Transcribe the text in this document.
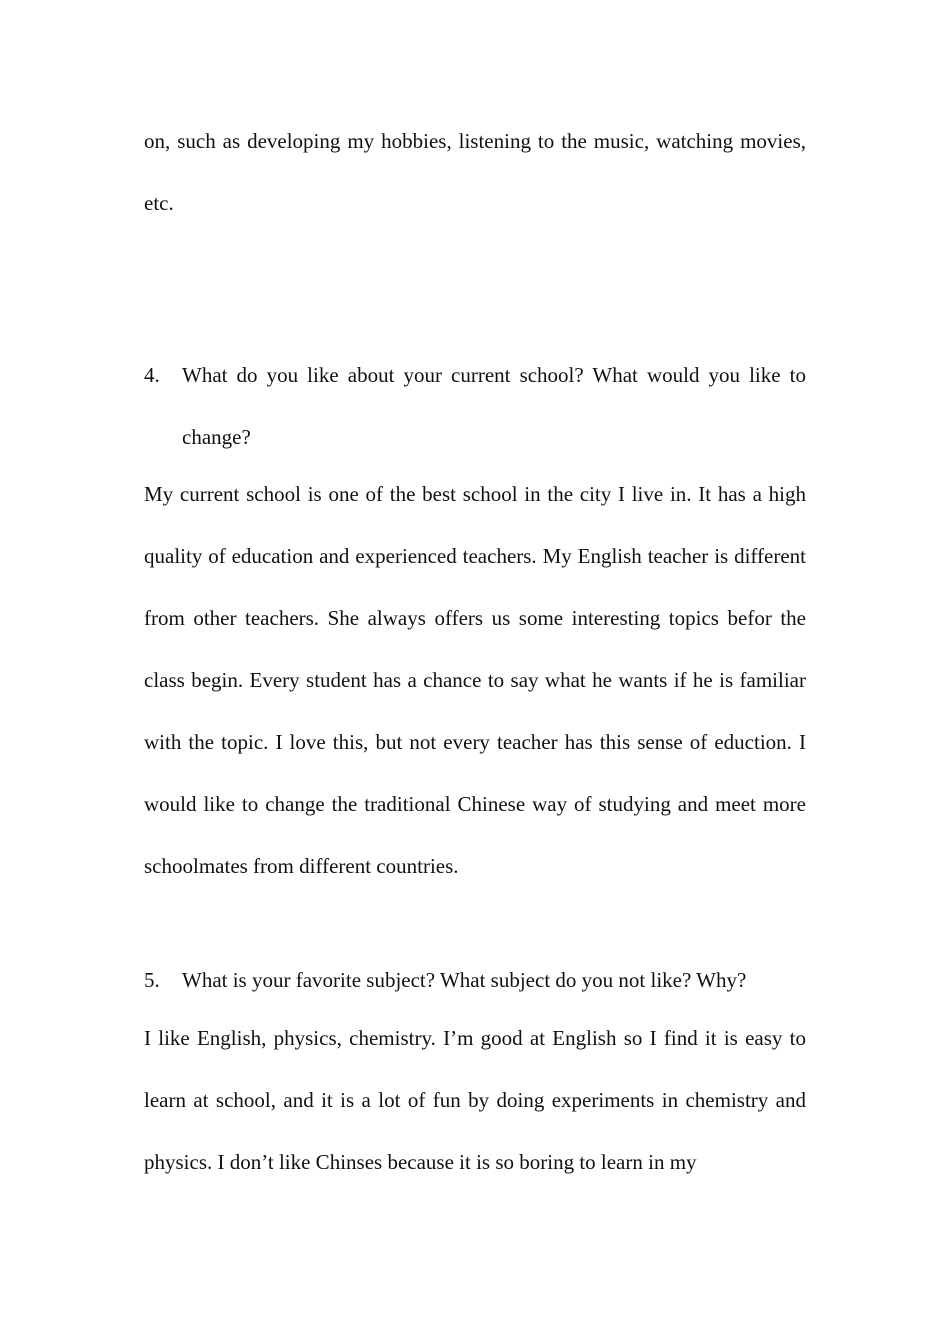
on, such as developing my hobbies, listening to the music, watching movies, etc.

4.	What do you like about your current school? What would you like to change?

My current school is one of the best school in the city I live in. It has a high quality of education and experienced teachers. My English teacher is different from other teachers. She always offers us some interesting topics befor the class begin. Every student has a chance to say what he wants if he is familiar with the topic. I love this, but not every teacher has this sense of eduction. I would like to change the traditional Chinese way of studying and meet more schoolmates from different countries.

5.	What is your favorite subject? What subject do you not like? Why?

I like English, physics, chemistry. I’m good at English so I find it is easy to learn at school, and it is a lot of fun by doing experiments in chemistry and physics. I don’t like Chinses because it is so boring to learn in my
